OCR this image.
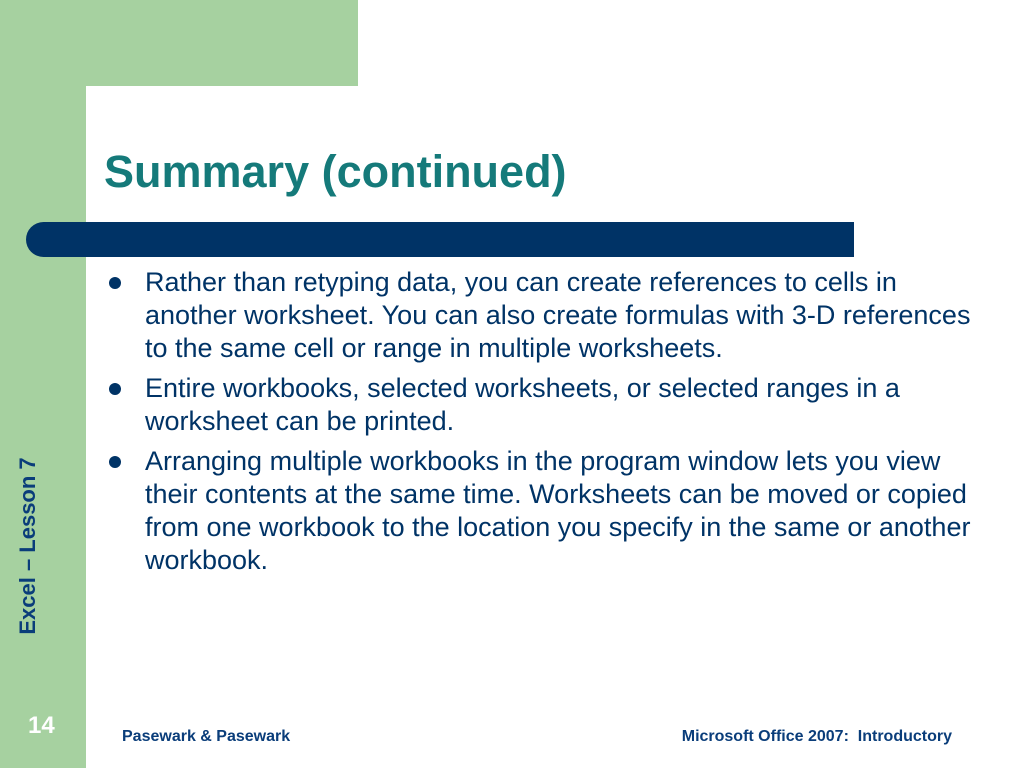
Summary (continued)
Rather than retyping data, you can create references to cells in another worksheet. You can also create formulas with 3-D references to the same cell or range in multiple worksheets.
Entire workbooks, selected worksheets, or selected ranges in a worksheet can be printed.
Arranging multiple workbooks in the program window lets you view their contents at the same time. Worksheets can be moved or copied from one workbook to the location you specify in the same or another workbook.
Excel – Lesson 7
14	Pasewark & Pasewark	Microsoft Office 2007:  Introductory
